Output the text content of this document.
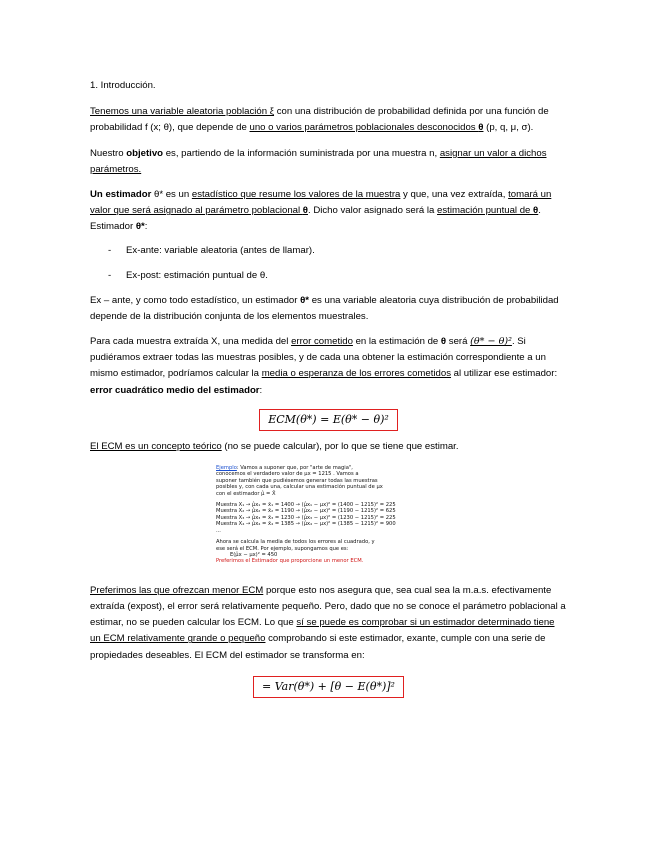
1. Introducción.

Tenemos una variable aleatoria población ξ con una distribución de probabilidad definida por una función de probabilidad f (x; θ), que depende de uno o varios parámetros poblacionales desconocidos θ (p, q, μ, σ).

Nuestro objetivo es, partiendo de la información suministrada por una muestra n, asignar un valor a dichos parámetros.

Un estimador θ* es un estadístico que resume los valores de la muestra y que, una vez extraída, tomará un valor que será asignado al parámetro poblacional θ. Dicho valor asignado será la estimación puntual de θ. Estimador θ*:

- Ex-ante: variable aleatoria (antes de llamar).
- Ex-post: estimación puntual de θ.

Ex – ante, y como todo estadístico, un estimador θ* es una variable aleatoria cuya distribución de probabilidad depende de la distribución conjunta de los elementos muestrales.

Para cada muestra extraída X, una medida del error cometido en la estimación de θ será (θ* − θ)². Si pudiéramos extraer todas las muestras posibles, y de cada una obtener la estimación correspondiente a un mismo estimador, podríamos calcular la media o esperanza de los errores cometidos al utilizar ese estimador: error cuadrático medio del estimador:

ECM(θ*) = E(θ* − θ)²

El ECM es un concepto teórico (no se puede calcular), por lo que se tiene que estimar.

Ejemplo: Vamos a suponer que, por "arte de magia",
conocemos el verdadero valor de μx = 1215 . Vamos a
suponer también que pudiésemos generar todas las muestras
posibles y, con cada una, calcular una estimación puntual de μx
con el estimador μ̂ = X̄
Muestra X₁ → μ̂x₁ = x̄₁ = 1400 → (μ̂x₁ − μx)² = (1400 − 1215)² = 225
Muestra X₂ → μ̂x₂ = x̄₂ = 1190 → (μ̂x₂ − μx)² = (1190 − 1215)² = 625
Muestra X₃ → μ̂x₃ = x̄₃ = 1230 → (μ̂x₃ − μx)² = (1230 − 1215)² = 225
Muestra X₄ → μ̂x₄ = x̄₄ = 1385 → (μ̂x₄ − μx)² = (1385 − 1215)² = 900
...
Ahora se calcula la media de todos los errores al cuadrado, y
ese será el ECM. Por ejemplo, supongamos que es:
E(μ̂x − μx)² = 450
Preferimos el Estimador que proporcione un menor ECM.

Preferimos las que ofrezcan menor ECM porque esto nos asegura que, sea cual sea la m.a.s. efectivamente extraída (expost), el error será relativamente pequeño. Pero, dado que no se conoce el parámetro poblacional a estimar, no se pueden calcular los ECM. Lo que sí se puede es comprobar si un estimador determinado tiene un ECM relativamente grande o pequeño comprobando si este estimador, exante, cumple con una serie de propiedades deseables. El ECM del estimador se transforma en:

= Var(θ*) + [θ − E(θ*)]²
